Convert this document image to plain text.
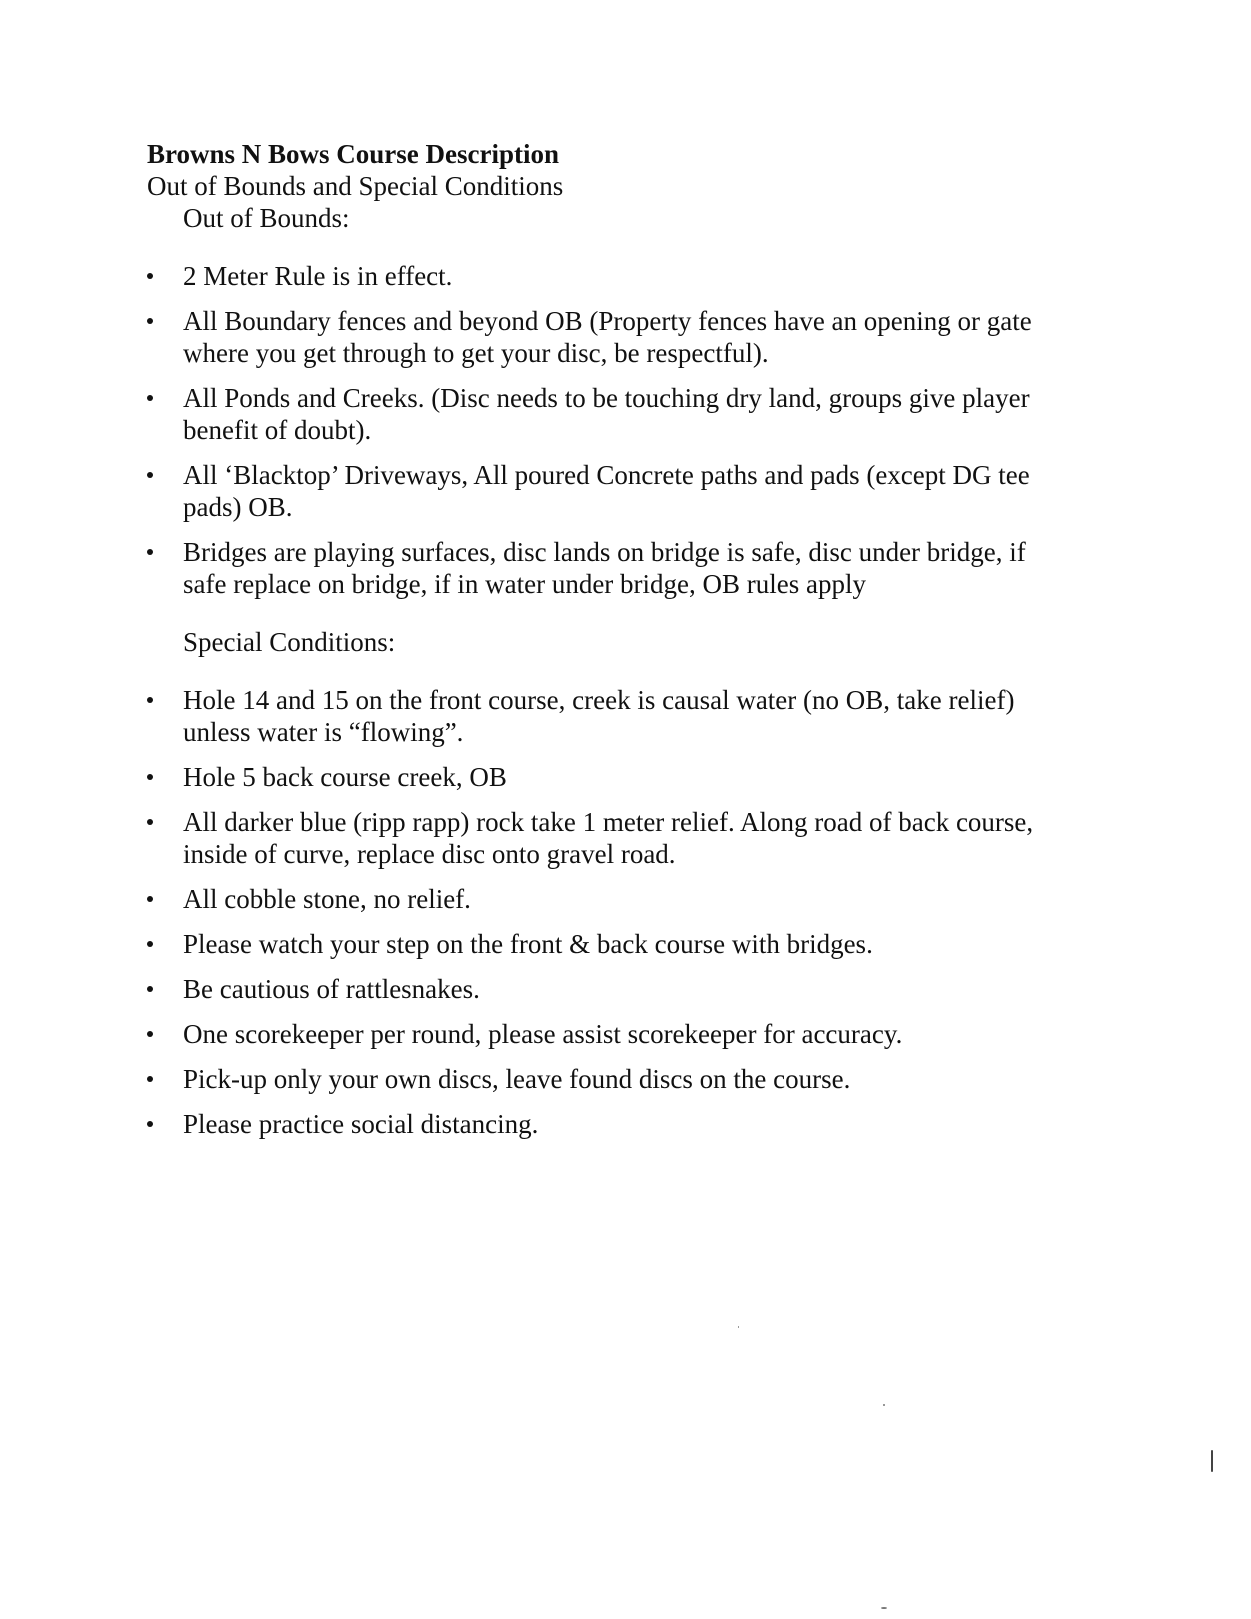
Browns N Bows Course Description

Out of Bounds and Special Conditions

Out of Bounds:

2 Meter Rule is in effect.
All Boundary fences and beyond OB (Property fences have an opening or gate
where you get through to get your disc, be respectful).
All Ponds and Creeks. (Disc needs to be touching dry land, groups give player
benefit of doubt).
All ‘Blacktop’ Driveways, All poured Concrete paths and pads (except DG tee
pads) OB.
Bridges are playing surfaces, disc lands on bridge is safe, disc under bridge, if
safe replace on bridge, if in water under bridge, OB rules apply

Special Conditions:

Hole 14 and 15 on the front course, creek is causal water (no OB, take relief)
unless water is “flowing”.
Hole 5 back course creek, OB
All darker blue (ripp rapp) rock take 1 meter relief. Along road of back course,
inside of curve, replace disc onto gravel road.
All cobble stone, no relief.
Please watch your step on the front & back course with bridges.
Be cautious of rattlesnakes.
One scorekeeper per round, please assist scorekeeper for accuracy.
Pick-up only your own discs, leave found discs on the course.
Please practice social distancing.
